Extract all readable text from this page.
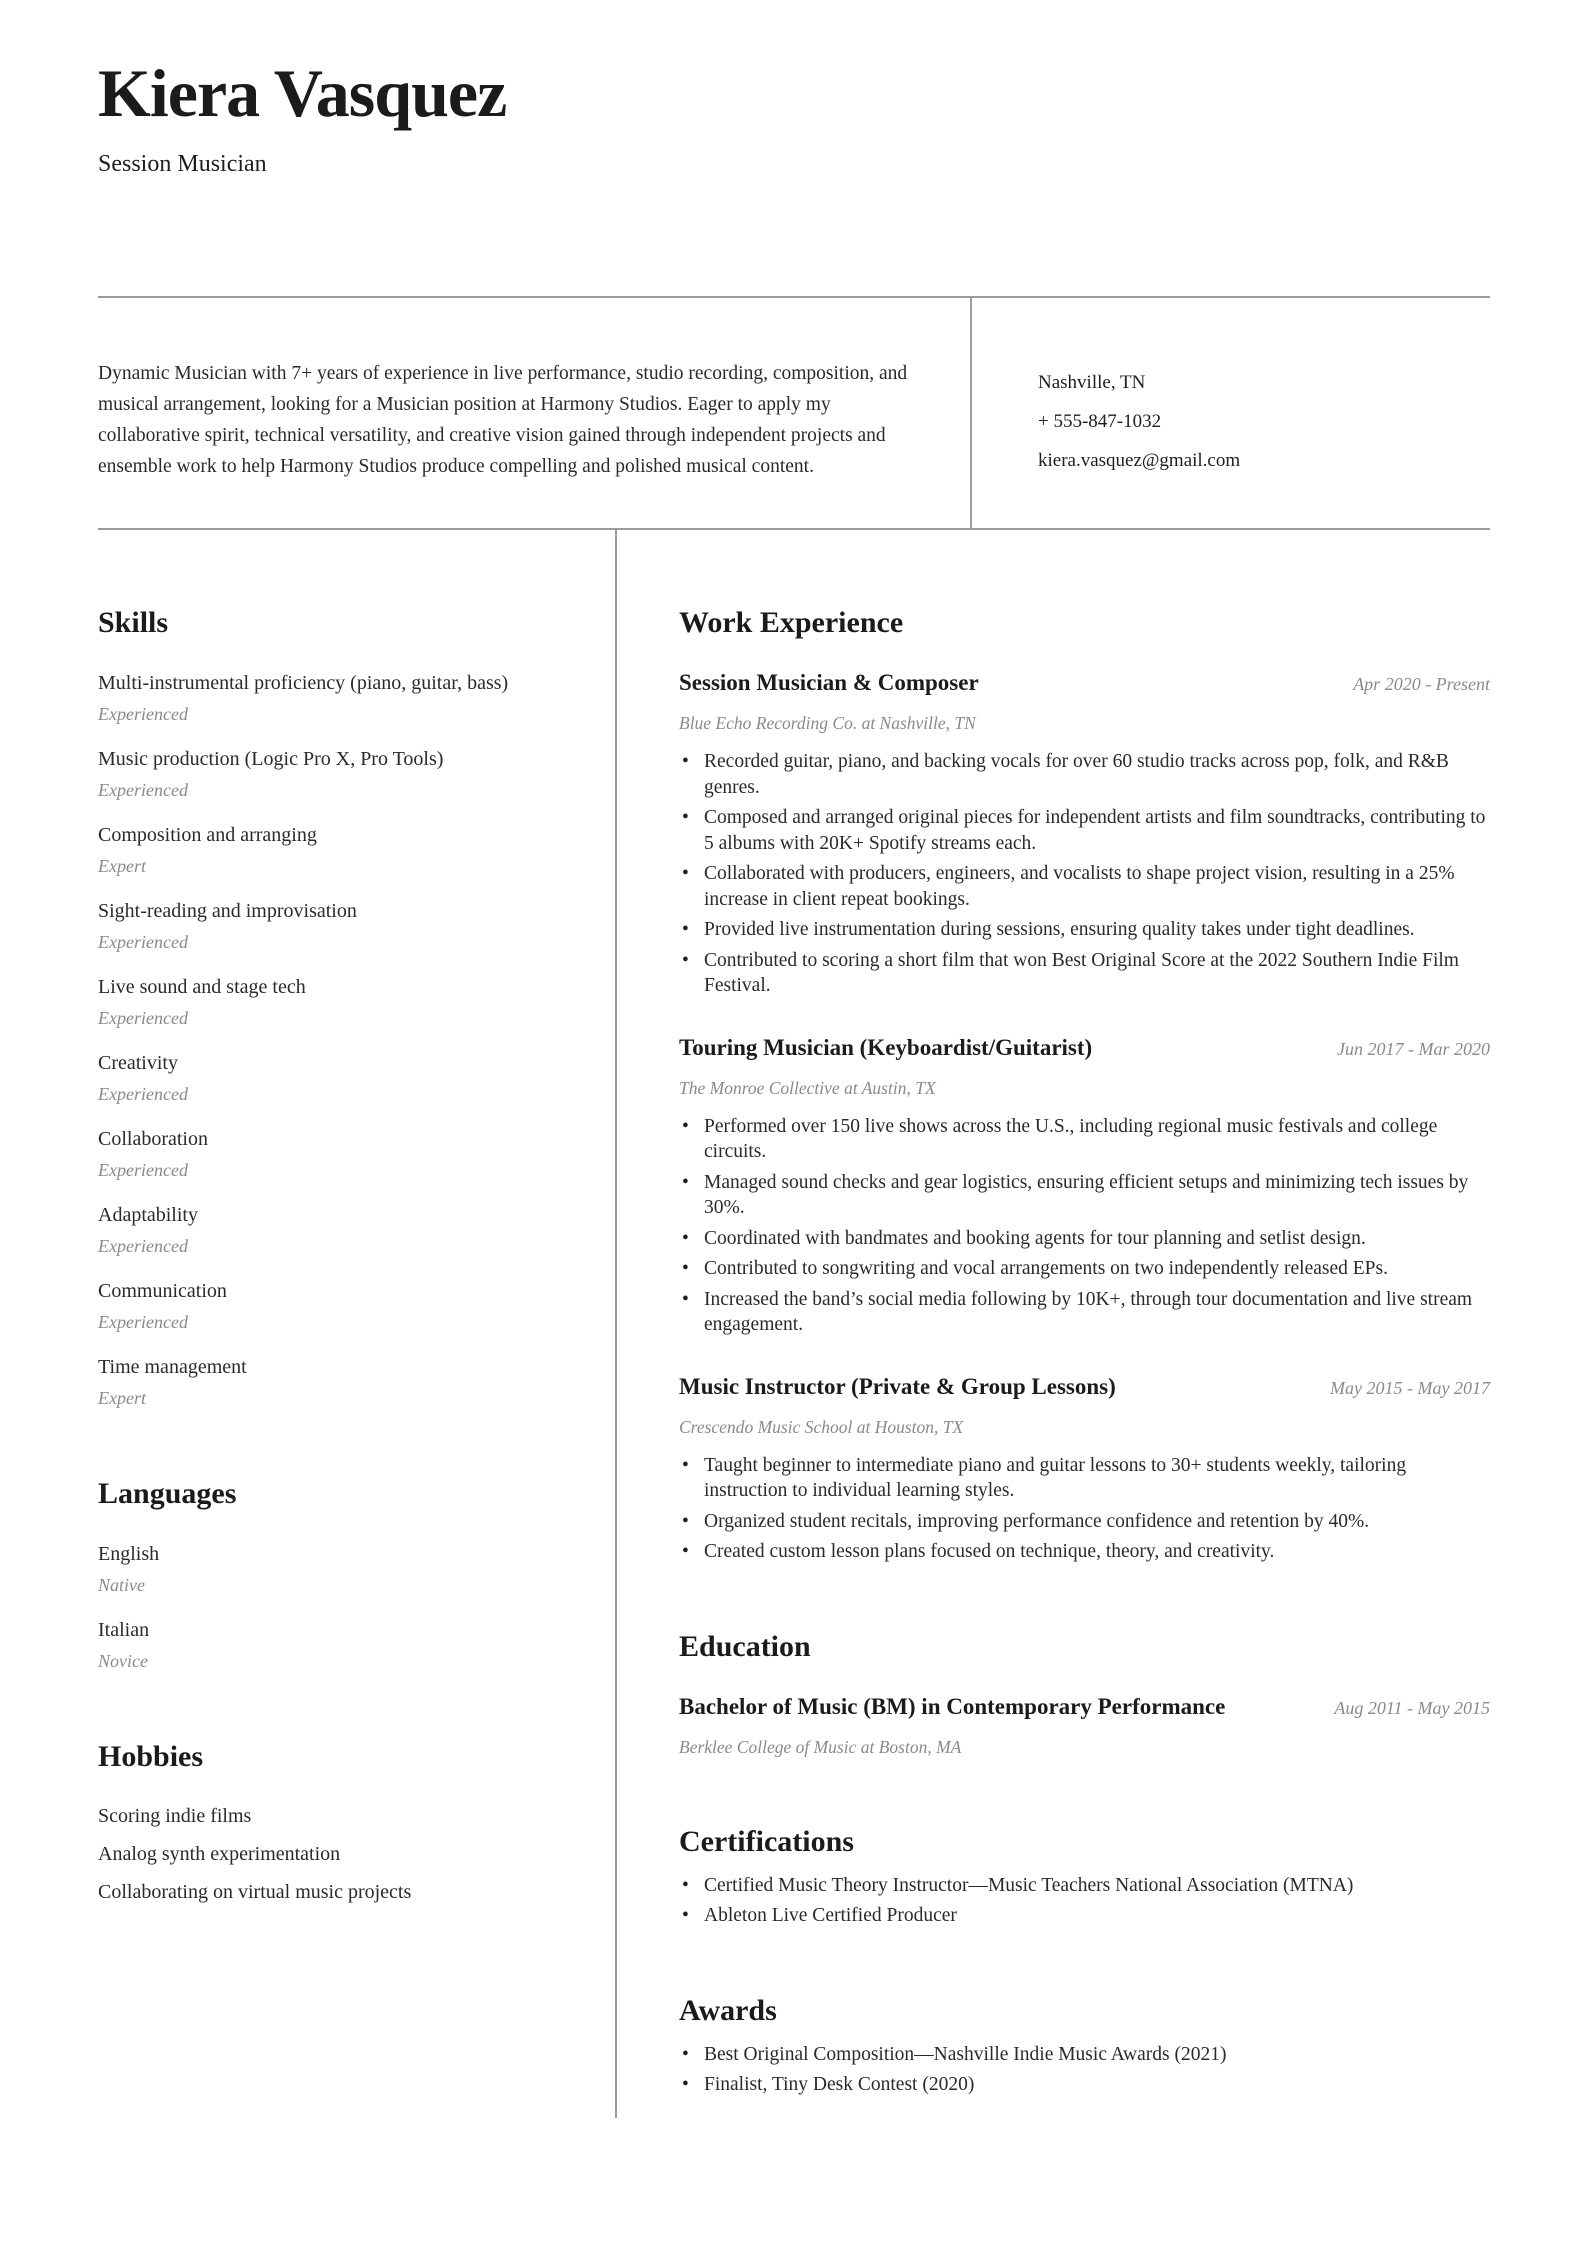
Kiera Vasquez
Session Musician

Dynamic Musician with 7+ years of experience in live performance, studio recording, composition, and musical arrangement, looking for a Musician position at Harmony Studios. Eager to apply my collaborative spirit, technical versatility, and creative vision gained through independent projects and ensemble work to help Harmony Studios produce compelling and polished musical content.

Nashville, TN
+ 555-847-1032
kiera.vasquez@gmail.com
Skills
Multi-instrumental proficiency (piano, guitar, bass)
Experienced
Music production (Logic Pro X, Pro Tools)
Experienced
Composition and arranging
Expert
Sight-reading and improvisation
Experienced
Live sound and stage tech
Experienced
Creativity
Experienced
Collaboration
Experienced
Adaptability
Experienced
Communication
Experienced
Time management
Expert
Languages
English
Native
Italian
Novice
Hobbies
Scoring indie films
Analog synth experimentation
Collaborating on virtual music projects
Work Experience
Session Musician & Composer	Apr 2020 - Present
Blue Echo Recording Co. at Nashville, TN
• Recorded guitar, piano, and backing vocals for over 60 studio tracks across pop, folk, and R&B genres.
• Composed and arranged original pieces for independent artists and film soundtracks, contributing to 5 albums with 20K+ Spotify streams each.
• Collaborated with producers, engineers, and vocalists to shape project vision, resulting in a 25% increase in client repeat bookings.
• Provided live instrumentation during sessions, ensuring quality takes under tight deadlines.
• Contributed to scoring a short film that won Best Original Score at the 2022 Southern Indie Film Festival.
Touring Musician (Keyboardist/Guitarist)	Jun 2017 - Mar 2020
The Monroe Collective at Austin, TX
• Performed over 150 live shows across the U.S., including regional music festivals and college circuits.
• Managed sound checks and gear logistics, ensuring efficient setups and minimizing tech issues by 30%.
• Coordinated with bandmates and booking agents for tour planning and setlist design.
• Contributed to songwriting and vocal arrangements on two independently released EPs.
• Increased the band’s social media following by 10K+, through tour documentation and live stream engagement.
Music Instructor (Private & Group Lessons)	May 2015 - May 2017
Crescendo Music School at Houston, TX
• Taught beginner to intermediate piano and guitar lessons to 30+ students weekly, tailoring instruction to individual learning styles.
• Organized student recitals, improving performance confidence and retention by 40%.
• Created custom lesson plans focused on technique, theory, and creativity.
Education
Bachelor of Music (BM) in Contemporary Performance	Aug 2011 - May 2015
Berklee College of Music at Boston, MA
Certifications
• Certified Music Theory Instructor—Music Teachers National Association (MTNA)
• Ableton Live Certified Producer
Awards
• Best Original Composition—Nashville Indie Music Awards (2021)
• Finalist, Tiny Desk Contest (2020)
